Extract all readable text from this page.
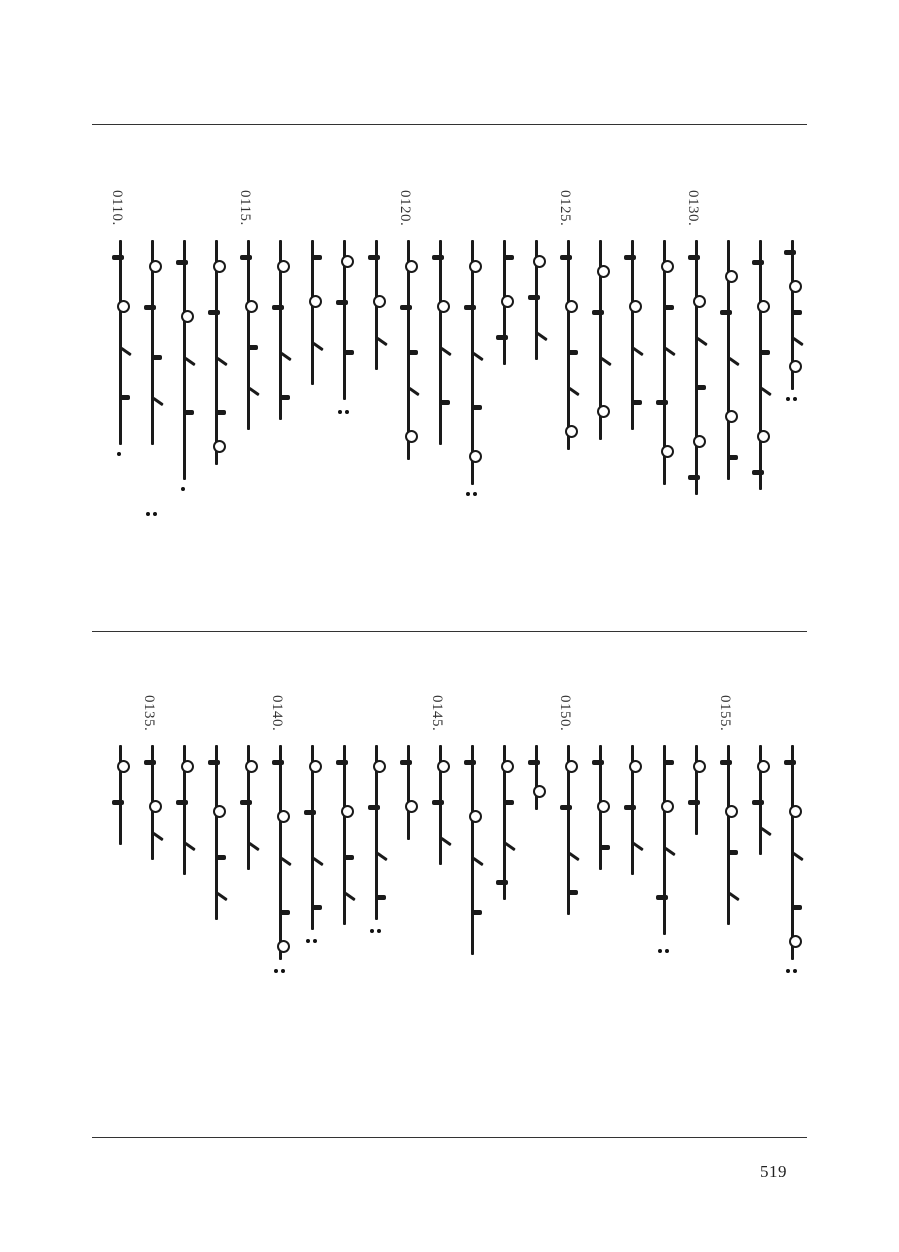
0130.
0125.
0120.
0115.
0110.
0155.
0150.
0145.
0140.
0135.
519
